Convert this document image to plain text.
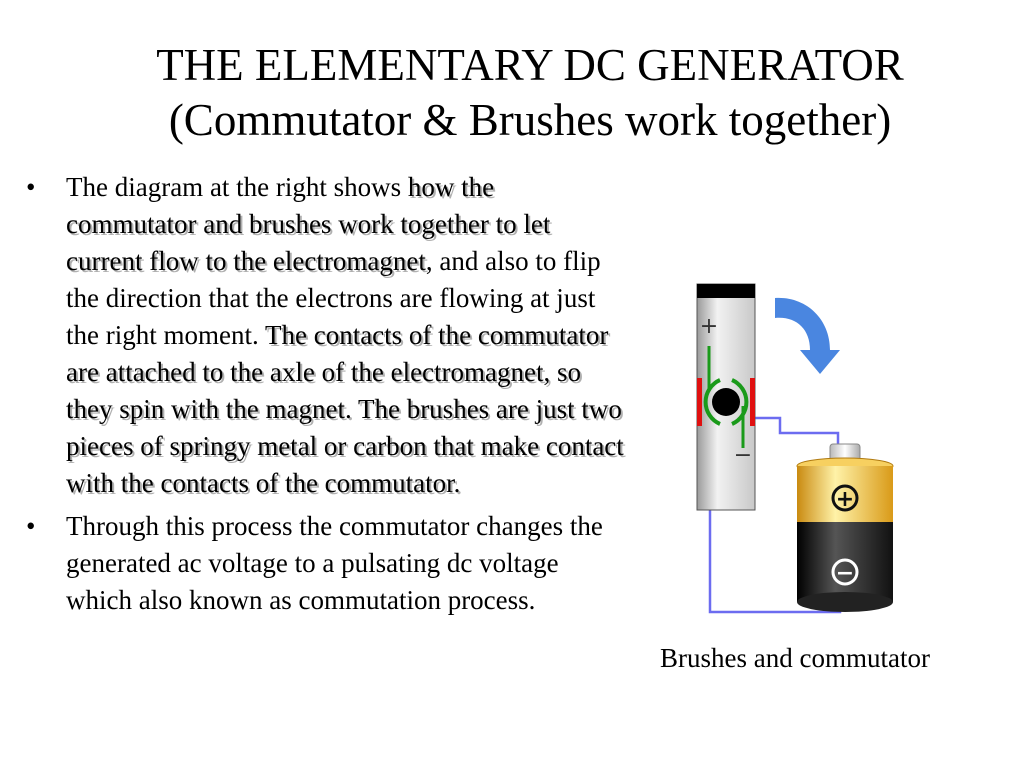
THE ELEMENTARY DC GENERATOR
(Commutator & Brushes work together)
• The diagram at the right shows how the commutator and brushes work together to let current flow to the electromagnet, and also to flip the direction that the electrons are flowing at just the right moment. The contacts of the commutator are attached to the axle of the electromagnet, so they spin with the magnet. The brushes are just two pieces of springy metal or carbon that make contact with the contacts of the commutator.
• Through this process the commutator changes the generated ac voltage to a pulsating dc voltage which also known as commutation process.
+
−
+
−
Brushes and commutator
